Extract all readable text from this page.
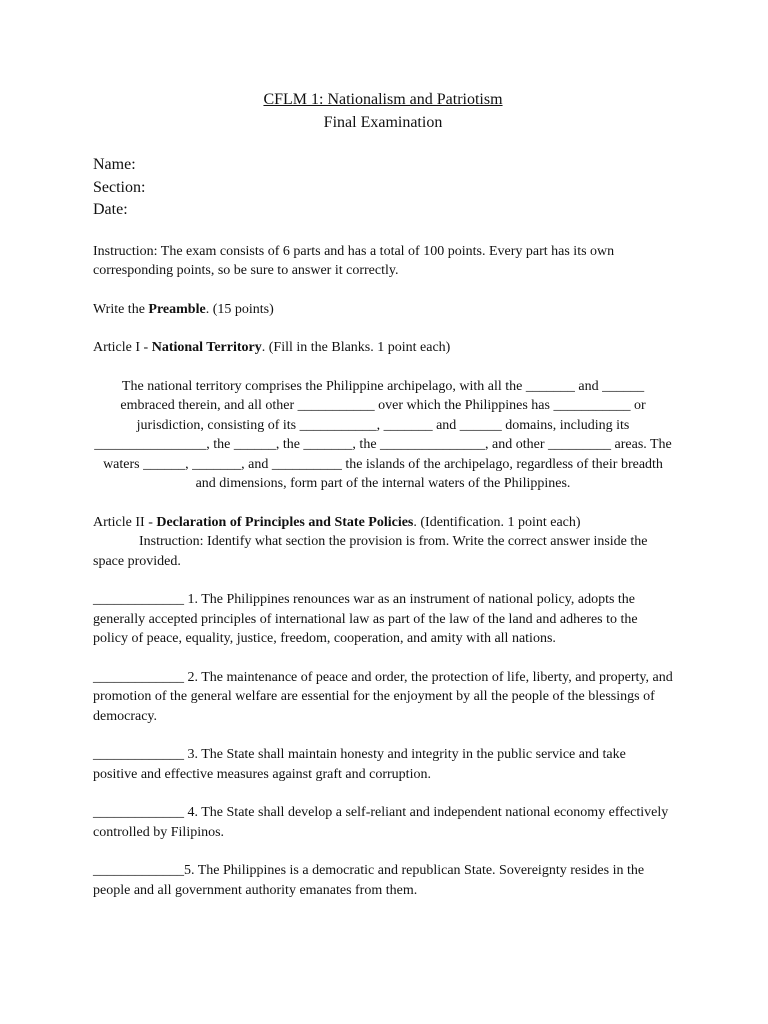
CFLM 1: Nationalism and Patriotism
Final Examination
Name:
Section:
Date:

Instruction: The exam consists of 6 parts and has a total of 100 points. Every part has its own corresponding points, so be sure to answer it correctly.

Write the Preamble. (15 points)

Article I - National Territory. (Fill in the Blanks. 1 point each)

The national territory comprises the Philippine archipelago, with all the _______ and ______ embraced therein, and all other ___________ over which the Philippines has ___________ or jurisdiction, consisting of its ___________, _______ and ______ domains, including its ________________, the ______, the _______, the _______________, and other _________ areas. The waters ______, _______, and __________ the islands of the archipelago, regardless of their breadth and dimensions, form part of the internal waters of the Philippines.

Article II - Declaration of Principles and State Policies. (Identification. 1 point each)

Instruction: Identify what section the provision is from. Write the correct answer inside the space provided.

_____________ 1. The Philippines renounces war as an instrument of national policy, adopts the generally accepted principles of international law as part of the law of the land and adheres to the policy of peace, equality, justice, freedom, cooperation, and amity with all nations.

_____________ 2. The maintenance of peace and order, the protection of life, liberty, and property, and promotion of the general welfare are essential for the enjoyment by all the people of the blessings of democracy.

_____________ 3. The State shall maintain honesty and integrity in the public service and take positive and effective measures against graft and corruption.

_____________ 4. The State shall develop a self-reliant and independent national economy effectively controlled by Filipinos.

_____________5. The Philippines is a democratic and republican State. Sovereignty resides in the people and all government authority emanates from them.
